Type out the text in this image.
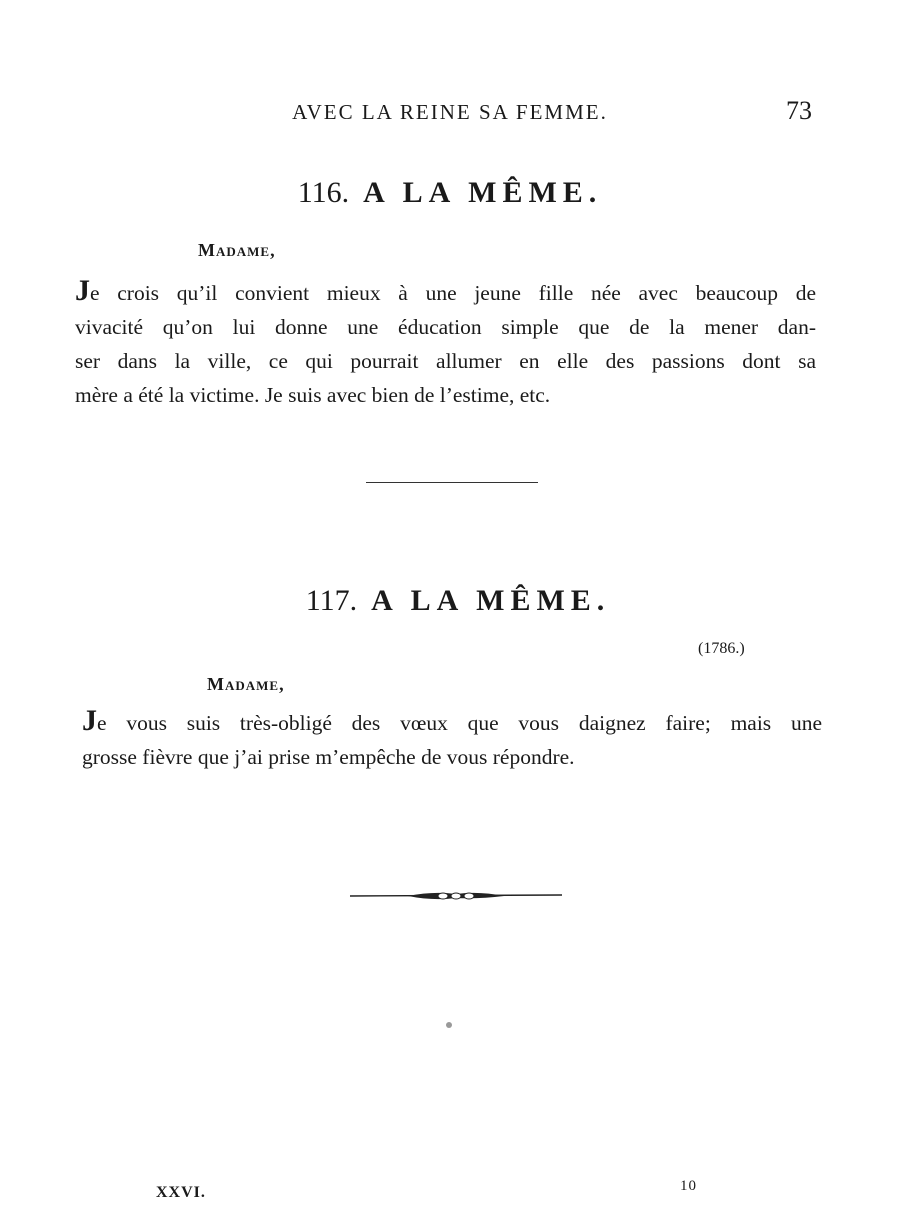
AVEC LA REINE SA FEMME.	73
116. A LA MÊME.
Madame,
Je crois qu’il convient mieux à une jeune fille née avec beaucoup de
vivacité qu’on lui donne une éducation simple que de la mener dan-
ser dans la ville, ce qui pourrait allumer en elle des passions dont sa
mère a été la victime. Je suis avec bien de l’estime, etc.
117. A LA MÊME.
(1786.)
Madame,
Je vous suis très-obligé des vœux que vous daignez faire; mais une
grosse fièvre que j’ai prise m’empêche de vous répondre.
XXVI.	10
